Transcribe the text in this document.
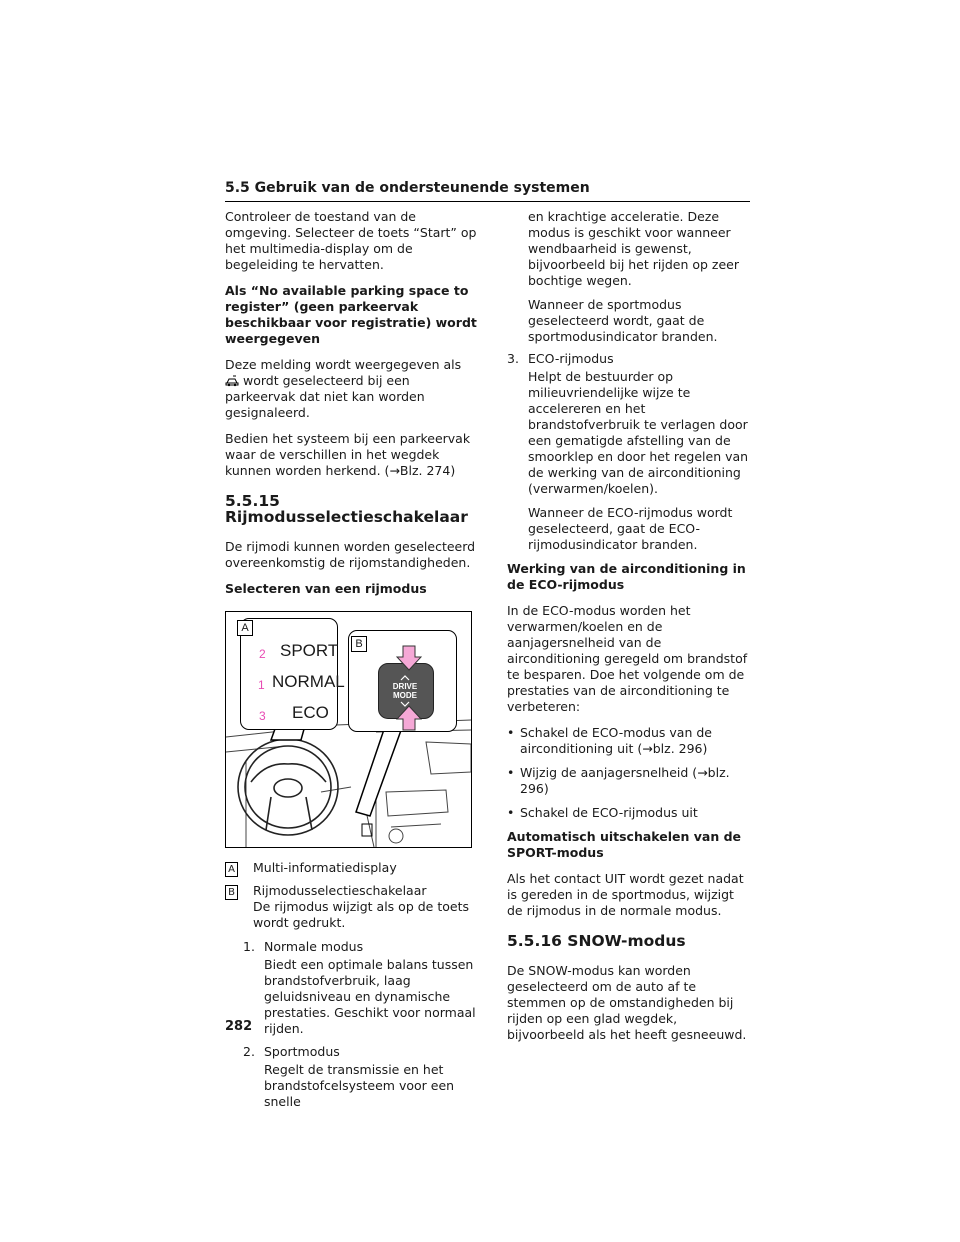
5.5 Gebruik van de ondersteunende systemen

Controleer de toestand van de omgeving. Selecteer de toets “Start” op het multimedia-display om de begeleiding te hervatten.

Als “No available parking space to register” (geen parkeervak beschikbaar voor registratie) wordt weergegeven

Deze melding wordt weergegeven als  wordt geselecteerd bij een parkeervak dat niet kan worden gesignaleerd.

Bedien het systeem bij een parkeervak waar de verschillen in het wegdek kunnen worden herkend. (→Blz. 274)

5.5.15 Rijmodusselectieschakelaar

De rijmodi kunnen worden geselecteerd overeenkomstig de rijomstandigheden.

Selecteren van een rijmodus

A
2 SPORT
1 NORMAL
3 ECO
B
DRIVE
MODE
A Multi-informatiedisplay
B Rijmodusselectieschakelaar
De rijmodus wijzigt als op de toets wordt gedrukt.
1. Normale modus
Biedt een optimale balans tussen brandstofverbruik, laag geluidsniveau en dynamische prestaties. Geschikt voor normaal rijden.
2. Sportmodus
Regelt de transmissie en het brandstofcelsysteem voor een snelle
en krachtige acceleratie. Deze modus is geschikt voor wanneer wendbaarheid is gewenst, bijvoorbeeld bij het rijden op zeer bochtige wegen.
Wanneer de sportmodus geselecteerd wordt, gaat de sportmodusindicator branden.
3. ECO-rijmodus
Helpt de bestuurder op milieuvriendelijke wijze te accelereren en het brandstofverbruik te verlagen door een gematigde afstelling van de smoorklep en door het regelen van de werking van de airconditioning (verwarmen/koelen).
Wanneer de ECO-rijmodus wordt geselecteerd, gaat de ECO-rijmodusindicator branden.

Werking van de airconditioning in de ECO-rijmodus

In de ECO-modus worden het verwarmen/koelen en de aanjagersnelheid van de airconditioning geregeld om brandstof te besparen. Doe het volgende om de prestaties van de airconditioning te verbeteren:

• Schakel de ECO-modus van de airconditioning uit (→blz. 296)
• Wijzig de aanjagersnelheid (→blz. 296)
• Schakel de ECO-rijmodus uit

Automatisch uitschakelen van de SPORT-modus

Als het contact UIT wordt gezet nadat is gereden in de sportmodus, wijzigt de rijmodus in de normale modus.

5.5.16 SNOW-modus

De SNOW-modus kan worden geselecteerd om de auto af te stemmen op de omstandigheden bij rijden op een glad wegdek, bijvoorbeeld als het heeft gesneeuwd.

282
